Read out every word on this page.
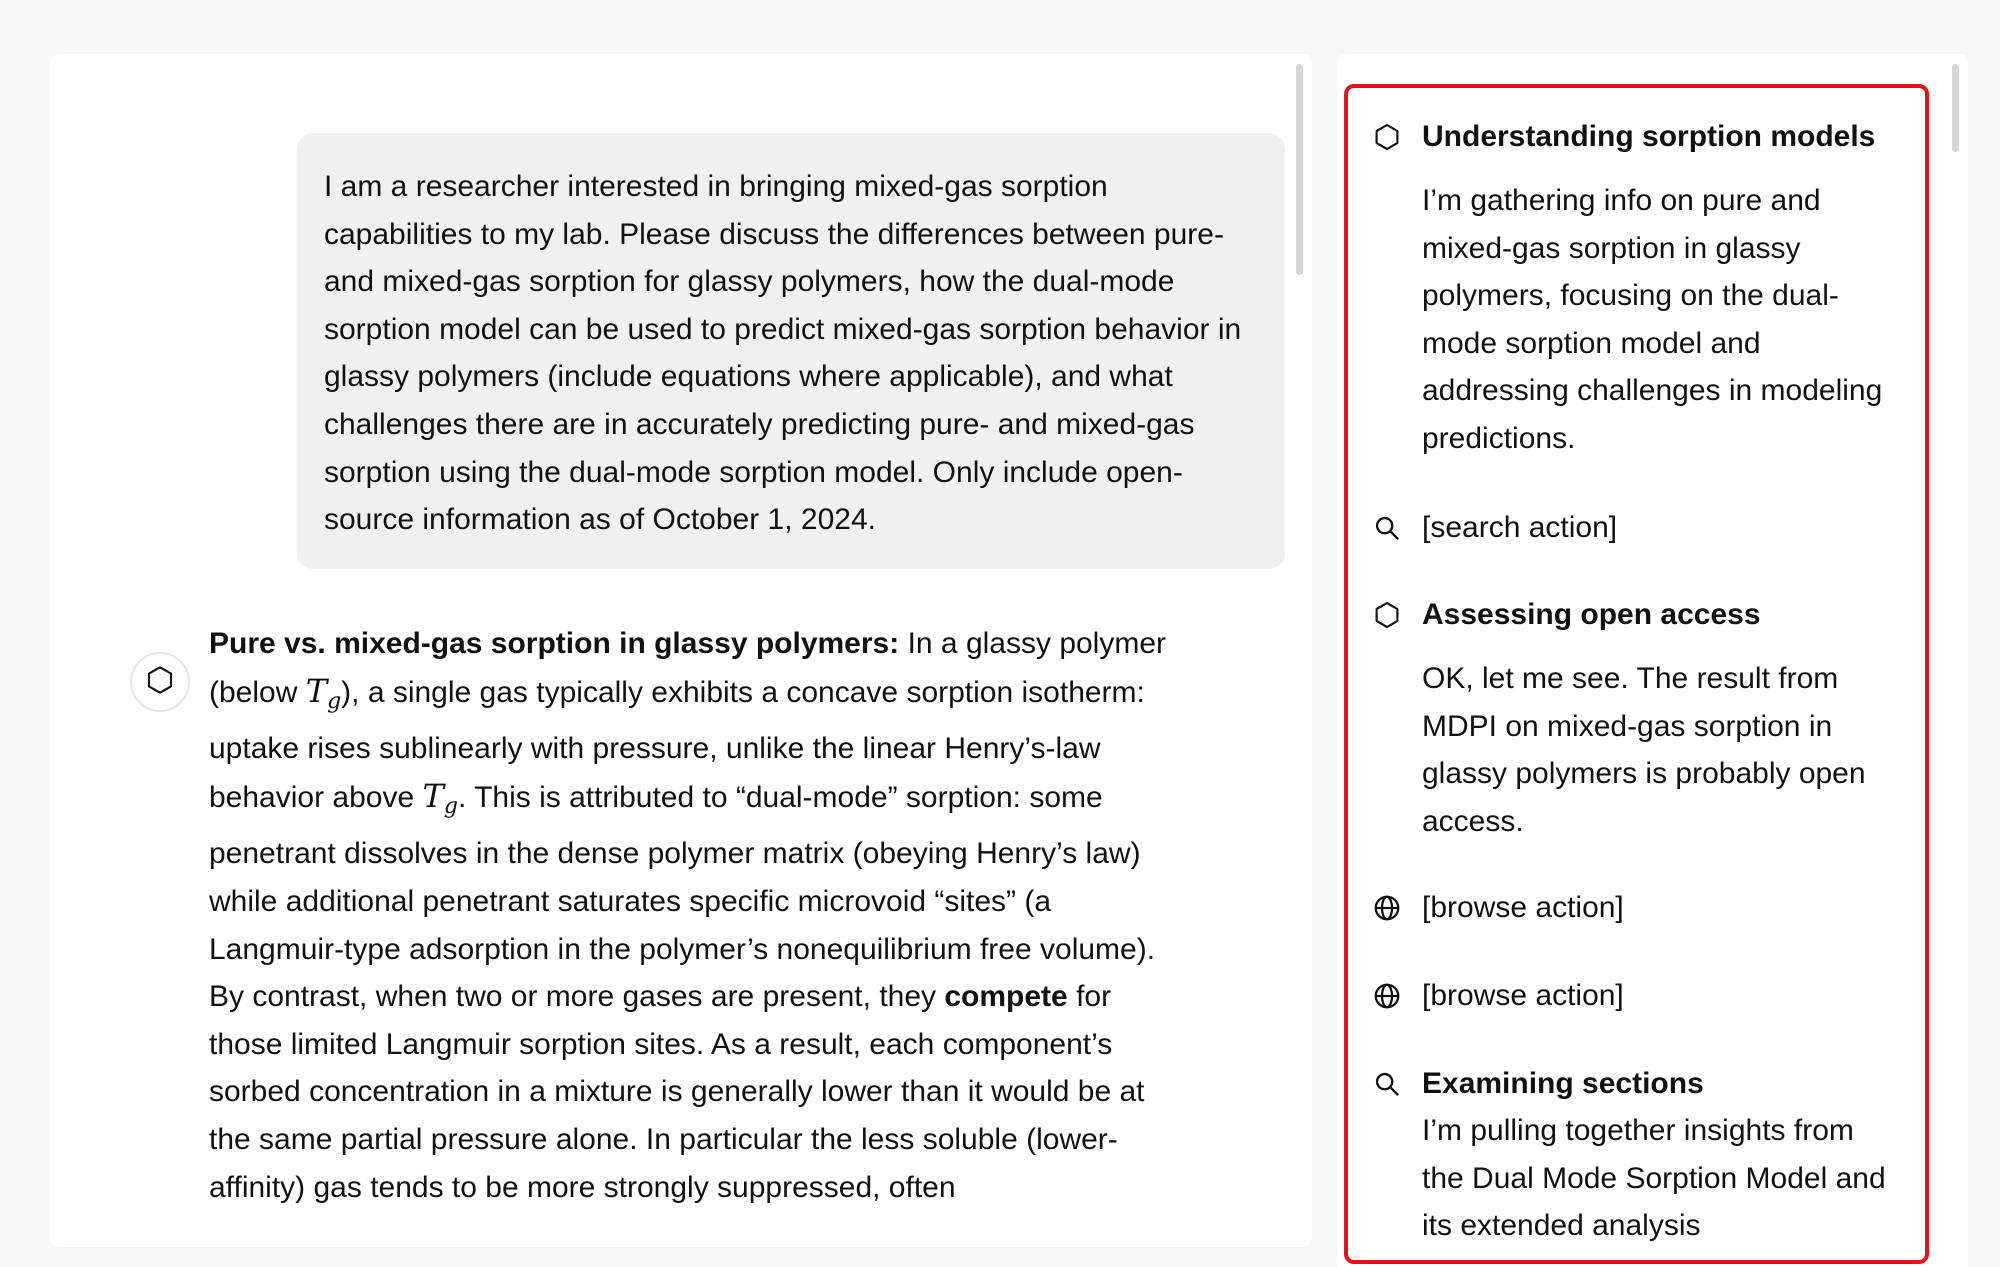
I am a researcher interested in bringing mixed-gas sorption capabilities to my lab. Please discuss the differences between pure- and mixed-gas sorption for glassy polymers, how the dual-mode sorption model can be used to predict mixed-gas sorption behavior in glassy polymers (include equations where applicable), and what challenges there are in accurately predicting pure- and mixed-gas sorption using the dual-mode sorption model. Only include open-source information as of October 1, 2024.
Pure vs. mixed-gas sorption in glassy polymers: In a glassy polymer (below $T_g$), a single gas typically exhibits a concave sorption isotherm: uptake rises sublinearly with pressure, unlike the linear Henry’s-law behavior above $T_g$. This is attributed to “dual-mode” sorption: some penetrant dissolves in the dense polymer matrix (obeying Henry’s law) while additional penetrant saturates specific microvoid “sites” (a Langmuir-type adsorption in the polymer’s nonequilibrium free volume). By contrast, when two or more gases are present, they compete for those limited Langmuir sorption sites. As a result, each component’s sorbed concentration in a mixture is generally lower than it would be at the same partial pressure alone. In particular the less soluble (lower-affinity) gas tends to be more strongly suppressed, often
Understanding sorption models
I’m gathering info on pure and mixed-gas sorption in glassy polymers, focusing on the dual-mode sorption model and addressing challenges in modeling predictions.
[search action]
Assessing open access
OK, let me see. The result from MDPI on mixed-gas sorption in glassy polymers is probably open access.
[browse action]
[browse action]
Examining sections
I’m pulling together insights from the Dual Mode Sorption Model and its extended analysis
